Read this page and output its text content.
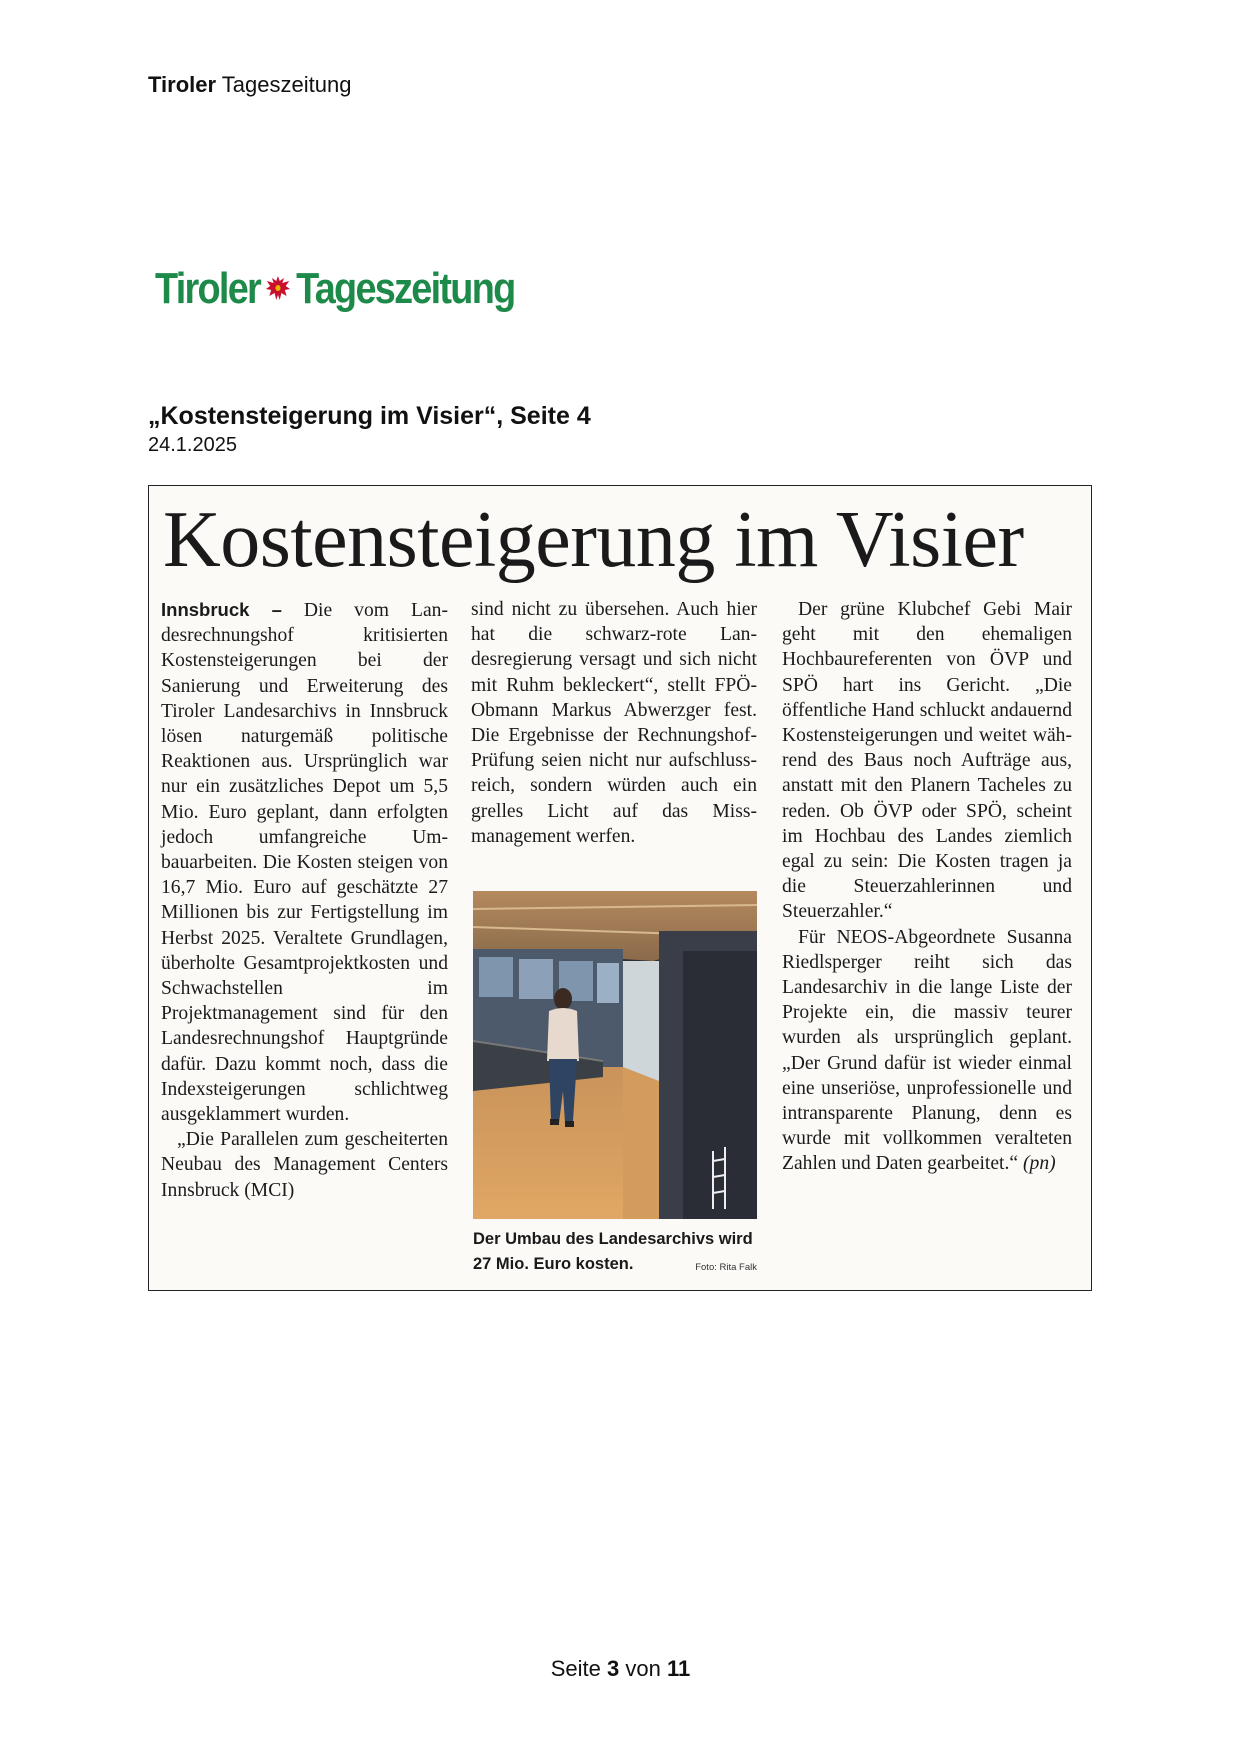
Tiroler Tageszeitung
Tiroler Tageszeitung
„Kostensteigerung im Visier“, Seite 4
24.1.2025
Kostensteigerung im Visier

Innsbruck – Die vom Landesrechnungshof kritisierten Kostensteigerungen bei der Sanierung und Erweiterung des Tiroler Landesarchivs in Innsbruck lösen naturgemäß politische Reaktionen aus. Ursprünglich war nur ein zusätzliches Depot um 5,5 Mio. Euro geplant, dann erfolgten jedoch umfangreiche Umbauarbeiten. Die Kosten steigen von 16,7 Mio. Euro auf geschätzte 27 Millionen bis zur Fertigstellung im Herbst 2025. Veraltete Grundlagen, überholte Gesamtprojektkosten und Schwachstellen im Projektmanagement sind für den Landesrechnungshof Hauptgründe dafür. Dazu kommt noch, dass die Indexsteigerungen schlichtweg ausgeklammert wurden.

„Die Parallelen zum gescheiterten Neubau des Management Centers Innsbruck (MCI)

sind nicht zu übersehen. Auch hier hat die schwarz-rote Landesregierung versagt und sich nicht mit Ruhm bekleckert“, stellt FPÖ-Obmann Markus Abwerzger fest. Die Ergebnisse der Rechnungshof-Prüfung seien nicht nur aufschlussreich, sondern würden auch ein grelles Licht auf das Missmanagement werfen.

Der Umbau des Landesarchivs wird 27 Mio. Euro kosten.	Foto: Rita Falk

Der grüne Klubchef Gebi Mair geht mit den ehemaligen Hochbaureferenten von ÖVP und SPÖ hart ins Gericht. „Die öffentliche Hand schluckt andauernd Kostensteigerungen und weitet während des Baus noch Aufträge aus, anstatt mit den Planern Tacheles zu reden. Ob ÖVP oder SPÖ, scheint im Hochbau des Landes ziemlich egal zu sein: Die Kosten tragen ja die Steuerzahlerinnen und Steuerzahler.“

Für NEOS-Abgeordnete Susanna Riedlsperger reiht sich das Landesarchiv in die lange Liste der Projekte ein, die massiv teurer wurden als ursprünglich geplant. „Der Grund dafür ist wieder einmal eine unseriöse, unprofessionelle und intransparente Planung, denn es wurde mit vollkommen veralteten Zahlen und Daten gearbeitet.“ (pn)

Seite 3 von 11
